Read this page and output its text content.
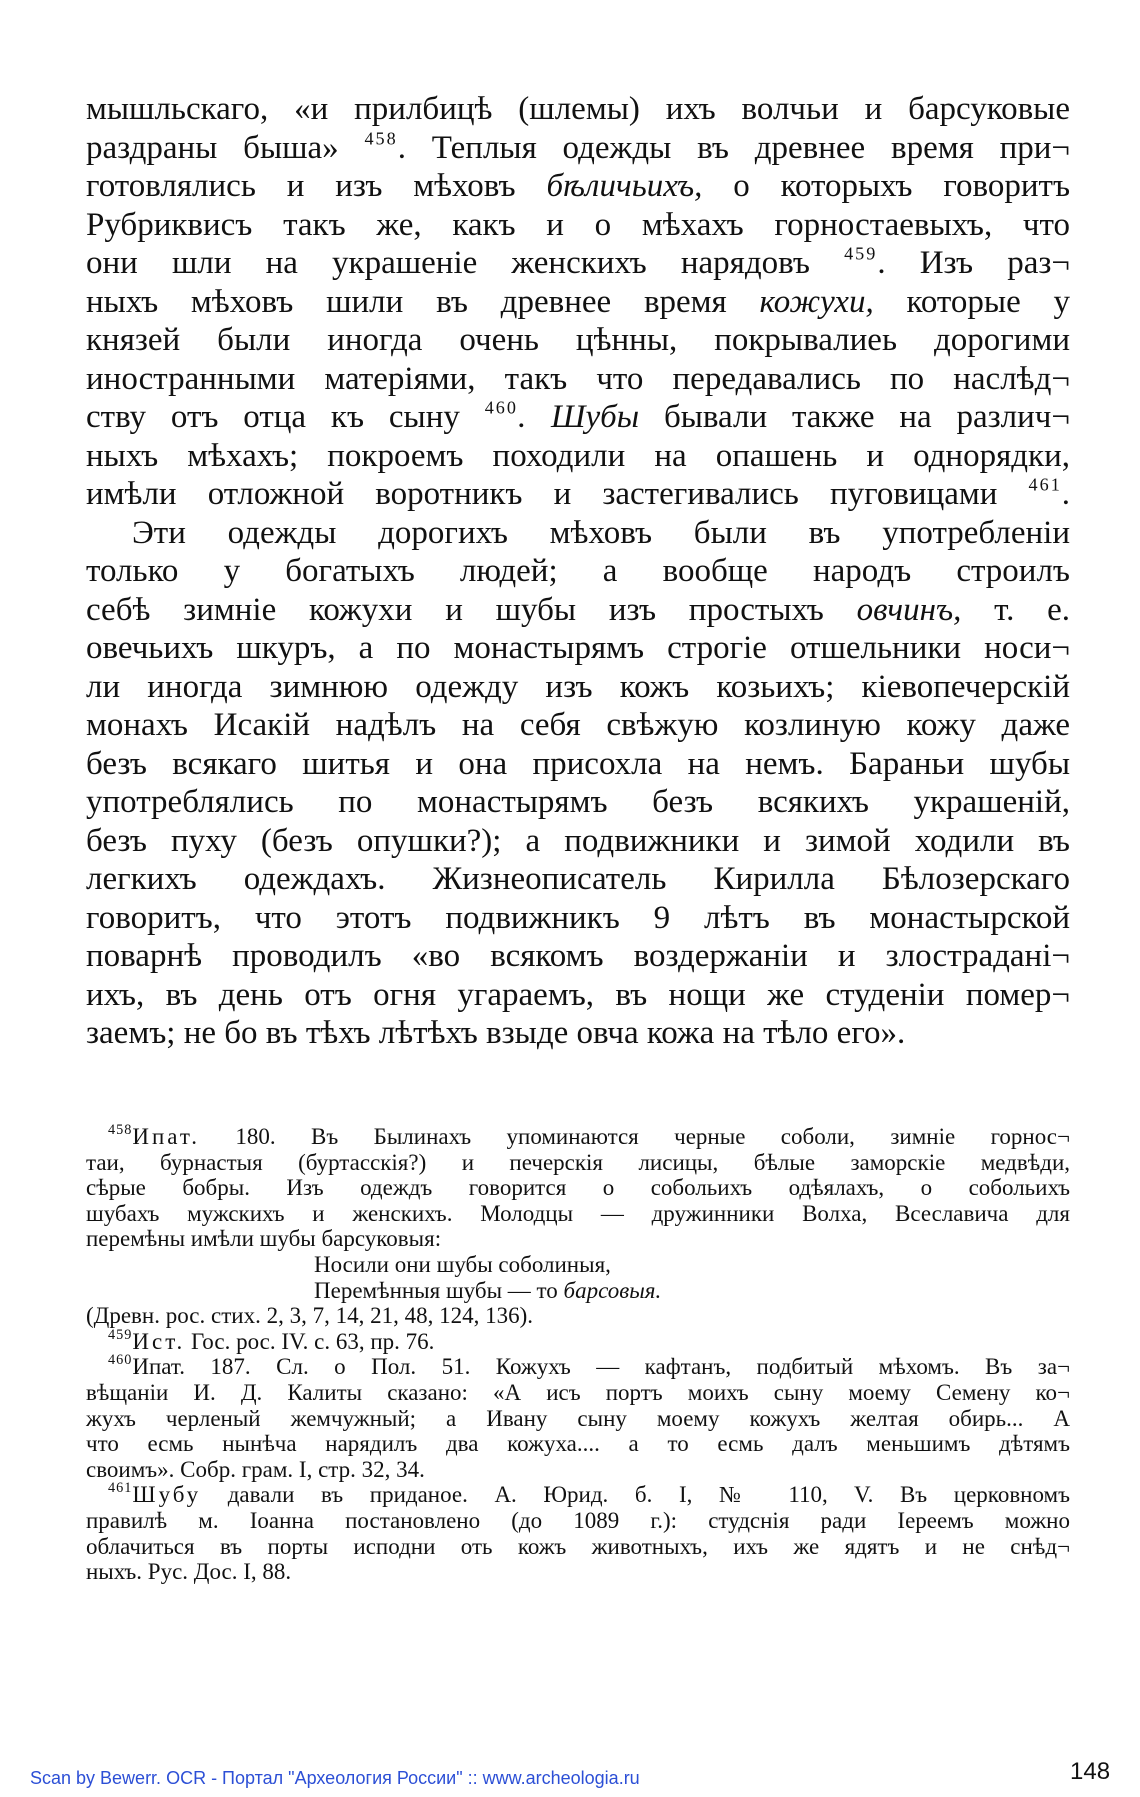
мышльскаго, «и прилбицѣ (шлемы) ихъ волчьи и барсуковые
раздраны быша» $^{458}$. Теплыя одежды въ древнее время при¬
готовлялись и изъ мѣховъ бѣличьихъ, о которыхъ говоритъ
Рубриквисъ такъ же, какъ и о мѣхахъ горностаевыхъ, что
они шли на украшеніе женскихъ нарядовъ $^{459}$. Изъ раз¬
ныхъ мѣховъ шили въ древнее время кожухи, которые у
князей были иногда очень цѣнны, покрывалиеь дорогими
иностранными матеріями, такъ что передавались по наслѣд¬
ству отъ отца къ сыну $^{460}$. Шубы бывали также на различ¬
ныхъ мѣхахъ; покроемъ походили на опашень и однорядки,
имѣли отложной воротникъ и застегивались пуговицами $^{461}$.
Эти одежды дорогихъ мѣховъ были въ употребленіи
только у богатыхъ людей; а вообще народъ строилъ
себѣ зимніе кожухи и шубы изъ простыхъ овчинъ, т. е.
овечьихъ шкуръ, а по монастырямъ строгіе отшельники носи¬
ли иногда зимнюю одежду изъ кожъ козьихъ; кіевопечерскій
монахъ Исакій надѣлъ на себя свѣжую козлиную кожу даже
безъ всякаго шитья и она присохла на немъ. Бараньи шубы
употреблялись по монастырямъ безъ всякихъ украшеній,
безъ пуху (безъ опушки?); а подвижники и зимой ходили въ
легкихъ одеждахъ. Жизнеописатель Кирилла Бѣлозерскаго
говоритъ, что этотъ подвижникъ 9 лѣтъ въ монастырской
поварнѣ проводилъ «во всякомъ воздержаніи и злостраданi¬
ихъ, въ день отъ огня угараемъ, въ нощи же студеніи помер¬
заемъ; не бо въ тѣхъ лѣтѣхъ взыде овча кожа на тѣло его».
$^{458}$Ипат. 180. Въ Былинахъ упоминаются черные соболи, зимніе горнос¬
таи, бурнастыя (буртасскія?) и печерскія лисицы, бѣлые заморскіе медвѣди,
сѣрые бобры. Изъ одеждъ говорится о собольихъ одѣялахъ, о собольихъ
шубахъ мужскихъ и женскихъ. Молодцы — дружинники Волха, Всеславича для
перемѣны имѣли шубы барсуковыя:
Носили они шубы соболиныя,
Перемѣнныя шубы — то барсовыя.
(Древн. рос. стих. 2, 3, 7, 14, 21, 48, 124, 136).
$^{459}$Ист. Гос. рос. IV. с. 63, пр. 76.
$^{460}$Ипат. 187. Сл. о Пол. 51. Кожухъ — кафтанъ, подбитый мѣхомъ. Въ за¬
вѣщаніи И. Д. Калиты сказано: «А исъ портъ моихъ сыну моему Семену ко¬
жухъ черленый жемчужный; а Ивану сыну моему кожухъ желтая обирь... А
что есмь нынѣча нарядилъ два кожуха.... а то есмь далъ меньшимъ дѣтямъ
своимъ». Собр. грам. I, стр. 32, 34.
$^{461}$Шубу давали въ приданое. А. Юрид. б. I, № 110, V. Въ церковномъ
правилѣ м. Іоанна постановлено (до 1089 г.): студснія ради Іереемъ можно
облачиться въ порты исподни оть кожъ животныхъ, ихъ же ядятъ и не снѣд¬
ныхъ. Рус. Дос. I, 88.
Scan by Bewerr. OCR - Портал "Археология России" :: www.archeologia.ru	148
